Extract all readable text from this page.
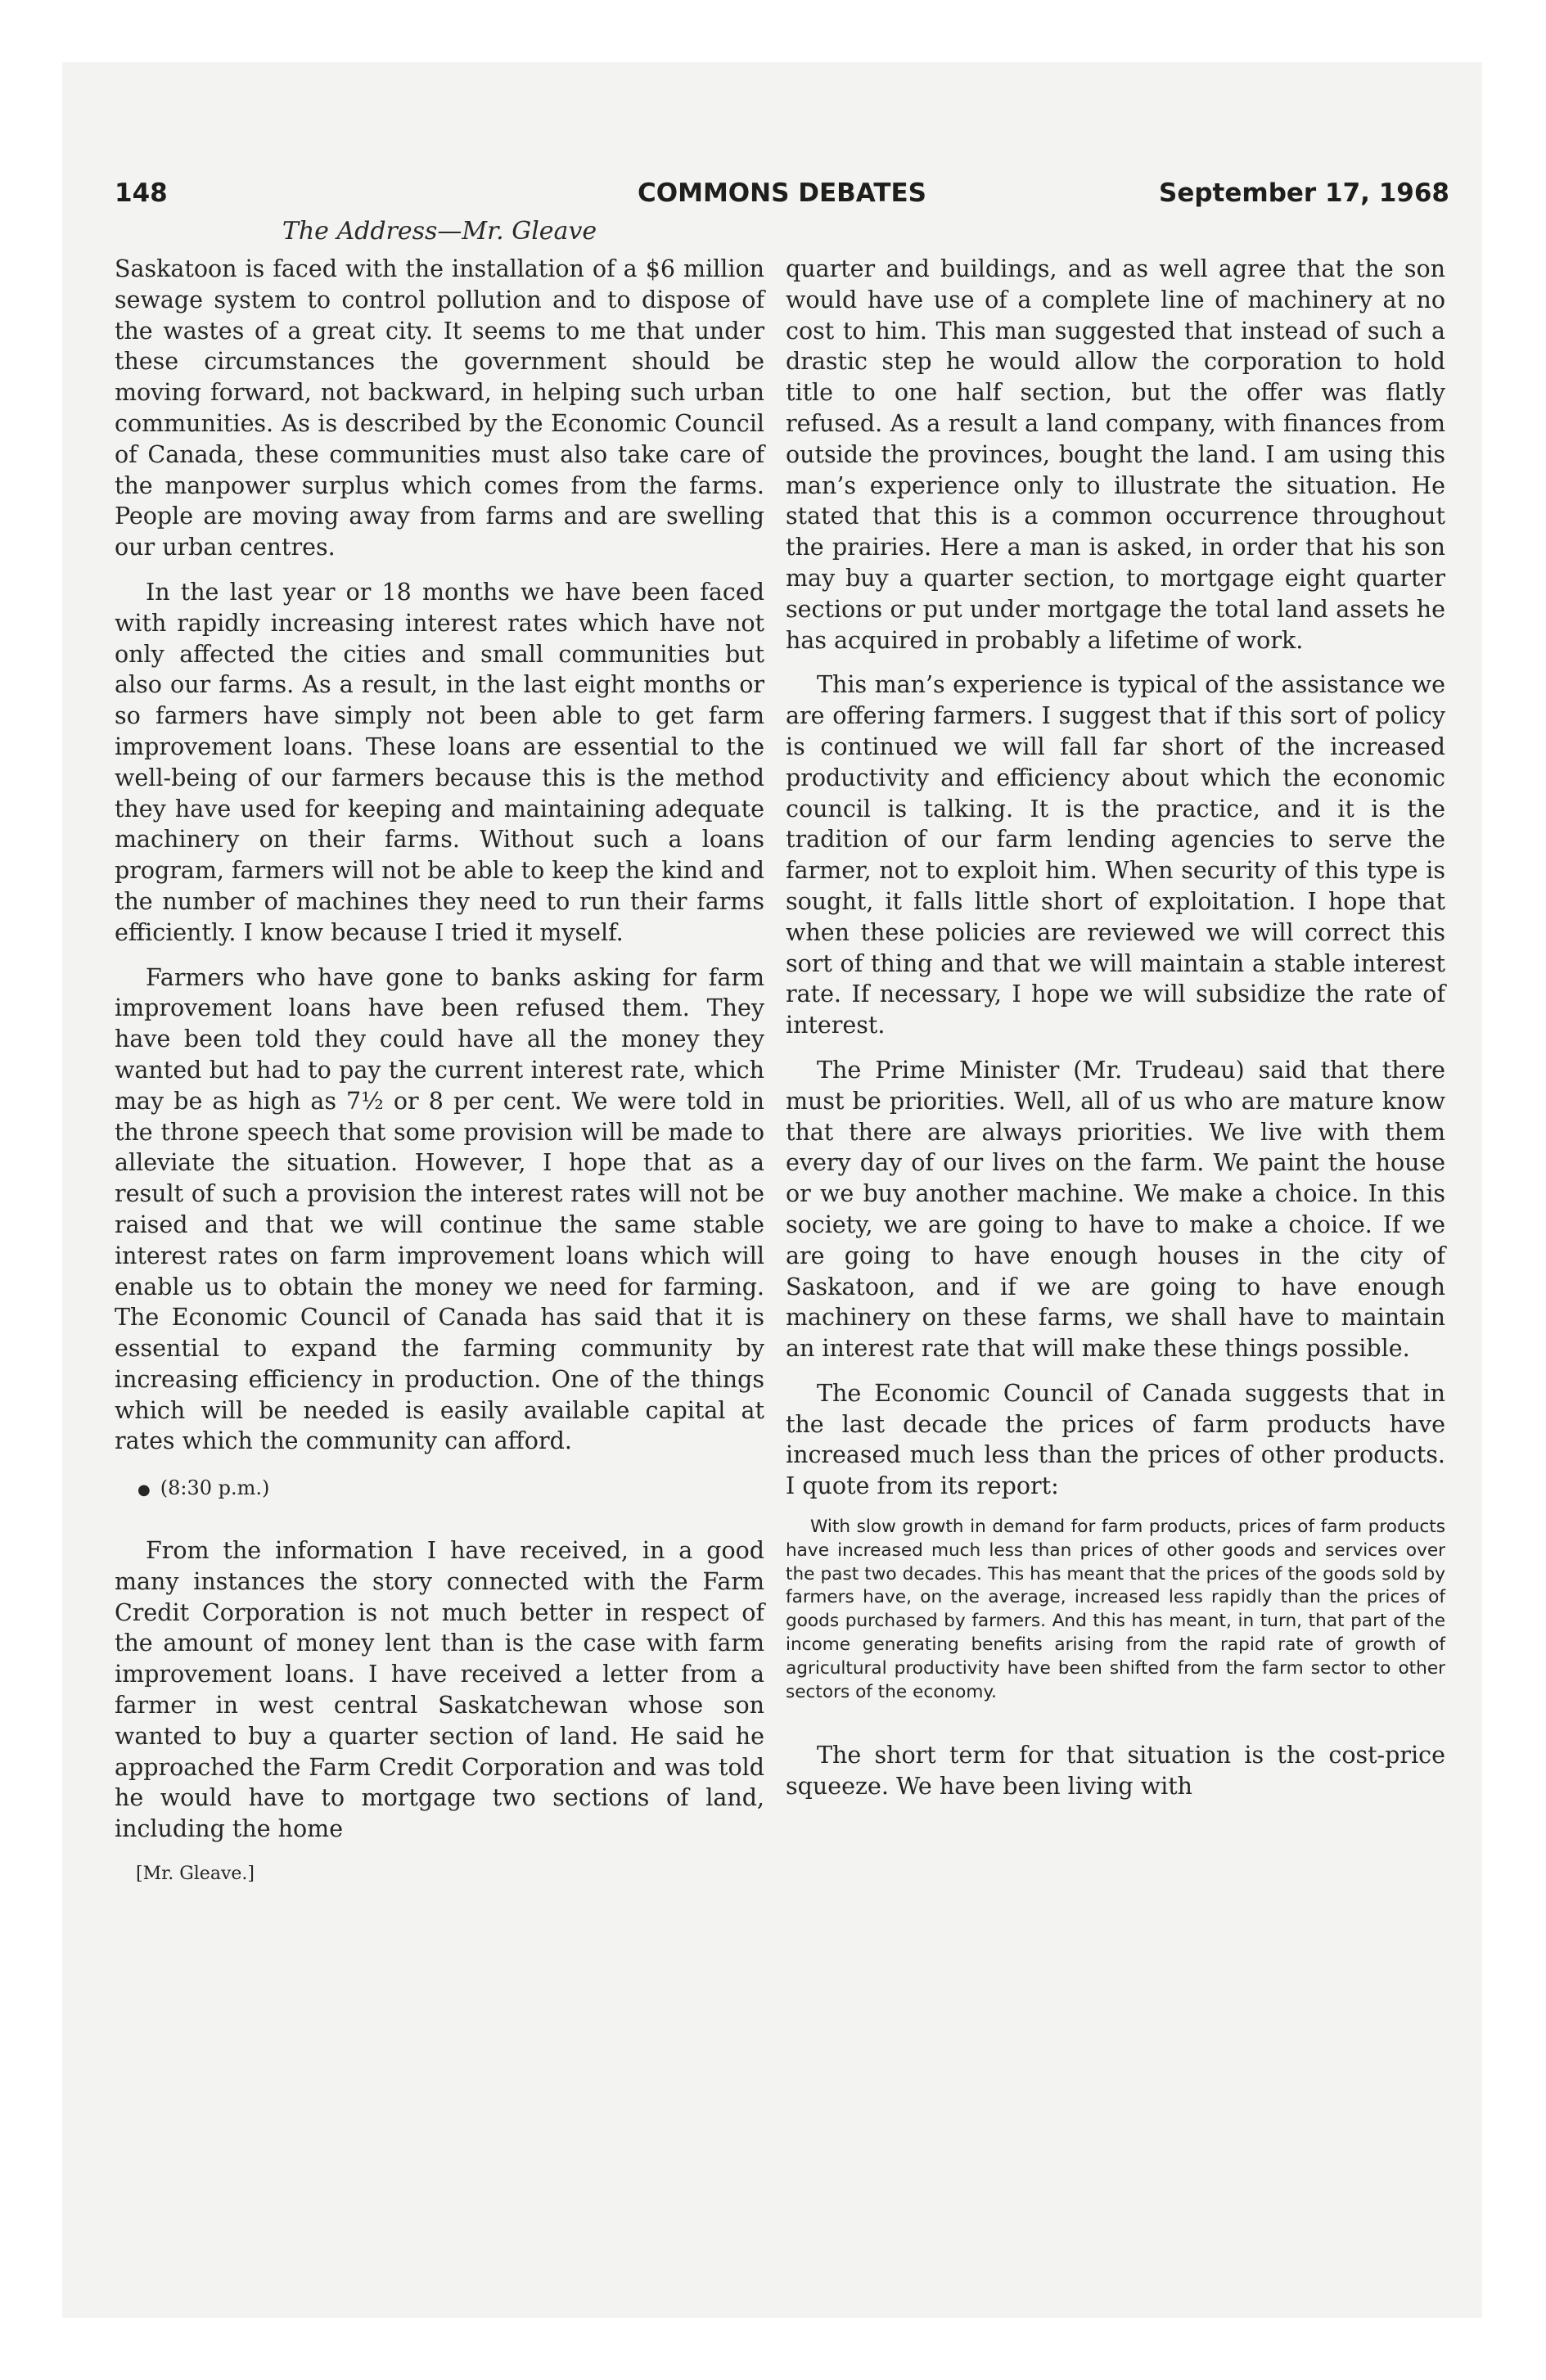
148	COMMONS DEBATES	September 17, 1968
The Address—Mr. Gleave

Saskatoon is faced with the installation of a $6 million sewage system to control pollution and to dispose of the wastes of a great city. It seems to me that under these circumstances the government should be moving forward, not backward, in helping such urban communities. As is described by the Economic Council of Canada, these communities must also take care of the manpower surplus which comes from the farms. People are moving away from farms and are swelling our urban centres.

In the last year or 18 months we have been faced with rapidly increasing interest rates which have not only affected the cities and small communities but also our farms. As a result, in the last eight months or so farmers have simply not been able to get farm improvement loans. These loans are essential to the well-being of our farmers because this is the method they have used for keeping and maintaining adequate machinery on their farms. Without such a loans program, farmers will not be able to keep the kind and the number of machines they need to run their farms efficiently. I know because I tried it myself.

Farmers who have gone to banks asking for farm improvement loans have been refused them. They have been told they could have all the money they wanted but had to pay the current interest rate, which may be as high as 7½ or 8 per cent. We were told in the throne speech that some provision will be made to alleviate the situation. However, I hope that as a result of such a provision the interest rates will not be raised and that we will continue the same stable interest rates on farm improvement loans which will enable us to obtain the money we need for farming. The Economic Council of Canada has said that it is essential to expand the farming community by increasing efficiency in production. One of the things which will be needed is easily available capital at rates which the community can afford.

● (8:30 p.m.)

From the information I have received, in a good many instances the story connected with the Farm Credit Corporation is not much better in respect of the amount of money lent than is the case with farm improvement loans. I have received a letter from a farmer in west central Saskatchewan whose son wanted to buy a quarter section of land. He said he approached the Farm Credit Corporation and was told he would have to mortgage two sections of land, including the home

[Mr. Gleave.]

quarter and buildings, and as well agree that the son would have use of a complete line of machinery at no cost to him. This man suggested that instead of such a drastic step he would allow the corporation to hold title to one half section, but the offer was flatly refused. As a result a land company, with finances from outside the provinces, bought the land. I am using this man’s experience only to illustrate the situation. He stated that this is a common occurrence throughout the prairies. Here a man is asked, in order that his son may buy a quarter section, to mortgage eight quarter sections or put under mortgage the total land assets he has acquired in probably a lifetime of work.

This man’s experience is typical of the assistance we are offering farmers. I suggest that if this sort of policy is continued we will fall far short of the increased productivity and efficiency about which the economic council is talking. It is the practice, and it is the tradition of our farm lending agencies to serve the farmer, not to exploit him. When security of this type is sought, it falls little short of exploitation. I hope that when these policies are reviewed we will correct this sort of thing and that we will maintain a stable interest rate. If necessary, I hope we will subsidize the rate of interest.

The Prime Minister (Mr. Trudeau) said that there must be priorities. Well, all of us who are mature know that there are always priorities. We live with them every day of our lives on the farm. We paint the house or we buy another machine. We make a choice. In this society, we are going to have to make a choice. If we are going to have enough houses in the city of Saskatoon, and if we are going to have enough machinery on these farms, we shall have to maintain an interest rate that will make these things possible.

The Economic Council of Canada suggests that in the last decade the prices of farm products have increased much less than the prices of other products. I quote from its report:

With slow growth in demand for farm products, prices of farm products have increased much less than prices of other goods and services over the past two decades. This has meant that the prices of the goods sold by farmers have, on the average, increased less rapidly than the prices of goods purchased by farmers. And this has meant, in turn, that part of the income generating benefits arising from the rapid rate of growth of agricultural productivity have been shifted from the farm sector to other sectors of the economy.

The short term for that situation is the cost-price squeeze. We have been living with
